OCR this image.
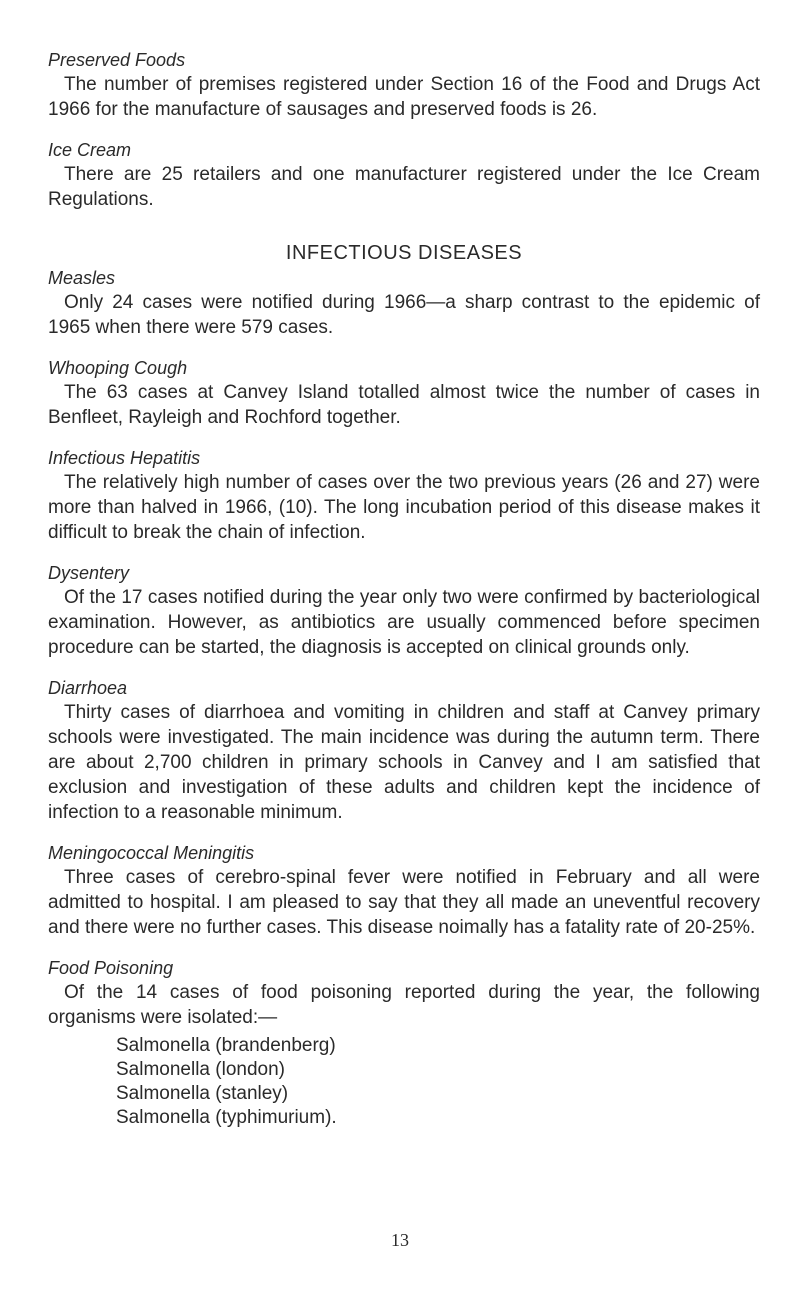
Preserved Foods

The number of premises registered under Section 16 of the Food and Drugs Act 1966 for the manufacture of sausages and preserved foods is 26.

Ice Cream

There are 25 retailers and one manufacturer registered under the Ice Cream Regulations.

INFECTIOUS DISEASES

Measles

Only 24 cases were notified during 1966—a sharp contrast to the epidemic of 1965 when there were 579 cases.

Whooping Cough

The 63 cases at Canvey Island totalled almost twice the number of cases in Benfleet, Rayleigh and Rochford together.

Infectious Hepatitis

The relatively high number of cases over the two previous years (26 and 27) were more than halved in 1966, (10). The long incubation period of this disease makes it difficult to break the chain of infection.

Dysentery

Of the 17 cases notified during the year only two were confirmed by bacteriological examination. However, as antibiotics are usually commenced before specimen procedure can be started, the diagnosis is accepted on clinical grounds only.

Diarrhoea

Thirty cases of diarrhoea and vomiting in children and staff at Canvey primary schools were investigated. The main incidence was during the autumn term. There are about 2,700 children in primary schools in Canvey and I am satisfied that exclusion and investigation of these adults and children kept the incidence of infection to a reasonable minimum.

Meningococcal Meningitis

Three cases of cerebro-spinal fever were notified in February and all were admitted to hospital. I am pleased to say that they all made an uneventful recovery and there were no further cases. This disease noimally has a fatality rate of 20-25%.

Food Poisoning

Of the 14 cases of food poisoning reported during the year, the following organisms were isolated:—

Salmonella (brandenberg)
Salmonella (london)
Salmonella (stanley)
Salmonella (typhimurium).
13
